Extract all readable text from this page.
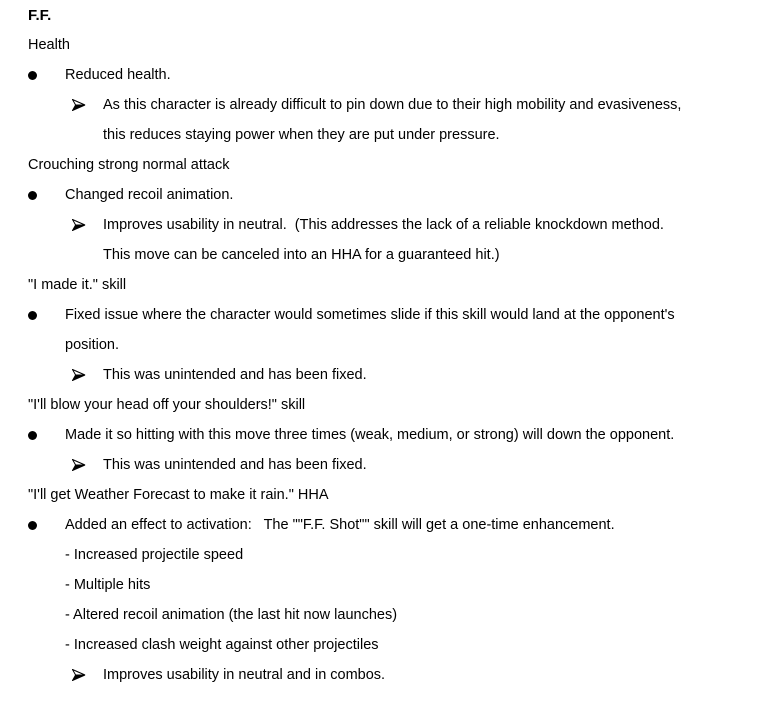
F.F.
Health
Reduced health.
As this character is already difficult to pin down due to their high mobility and evasiveness,
this reduces staying power when they are put under pressure.
Crouching strong normal attack
Changed recoil animation.
Improves usability in neutral.  (This addresses the lack of a reliable knockdown method.
This move can be canceled into an HHA for a guaranteed hit.)
"I made it." skill
Fixed issue where the character would sometimes slide if this skill would land at the opponent's
position.
This was unintended and has been fixed.
"I'll blow your head off your shoulders!" skill
Made it so hitting with this move three times (weak, medium, or strong) will down the opponent.
This was unintended and has been fixed.
"I'll get Weather Forecast to make it rain." HHA
Added an effect to activation:   The ""F.F. Shot"" skill will get a one-time enhancement.
- Increased projectile speed
- Multiple hits
- Altered recoil animation (the last hit now launches)
- Increased clash weight against other projectiles
Improves usability in neutral and in combos.
